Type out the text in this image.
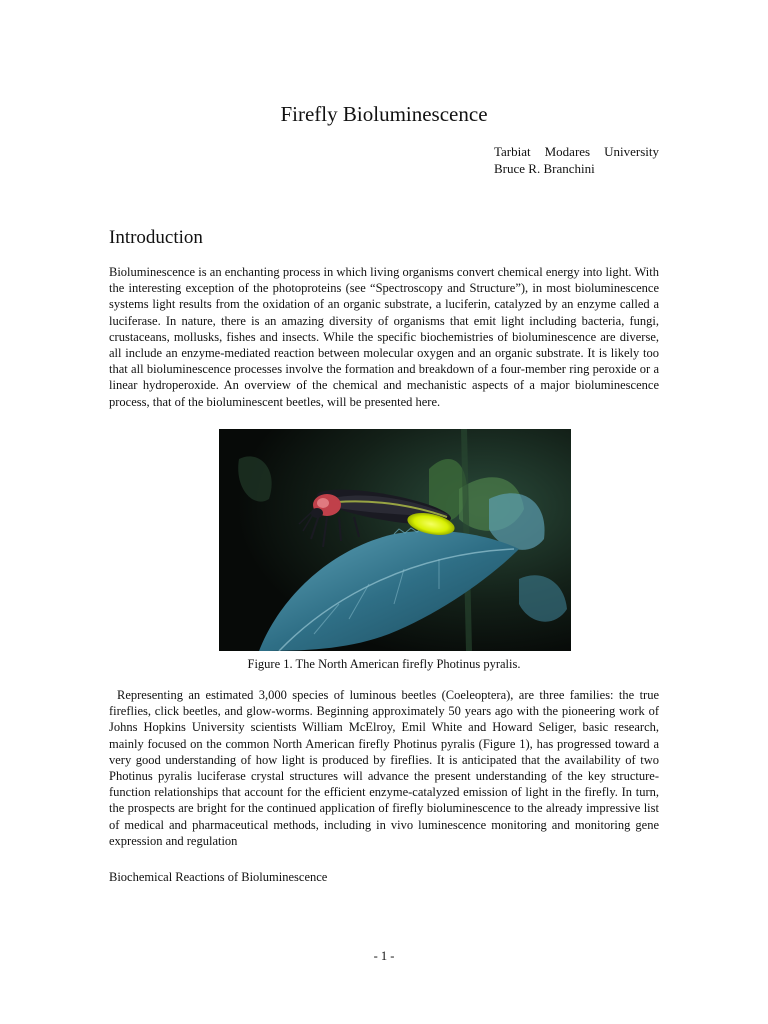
Firefly Bioluminescence
Tarbiat Modares University
Bruce R. Branchini
Introduction

Bioluminescence is an enchanting process in which living organisms convert chemical energy into light. With the interesting exception of the photoproteins (see “Spectroscopy and Structure”), in most bioluminescence systems light results from the oxidation of an organic substrate, a luciferin, catalyzed by an enzyme called a luciferase. In nature, there is an amazing diversity of organisms that emit light including bacteria, fungi, crustaceans, mollusks, fishes and insects. While the specific biochemistries of bioluminescence are diverse, all include an enzyme-mediated reaction between molecular oxygen and an organic substrate. It is likely too that all bioluminescence processes involve the formation and breakdown of a four-member ring peroxide or a linear hydroperoxide. An overview of the chemical and mechanistic aspects of a major bioluminescence process, that of the bioluminescent beetles, will be presented here.

Figure 1. The North American firefly Photinus pyralis.

Representing an estimated 3,000 species of luminous beetles (Coeleoptera), are three families: the true fireflies, click beetles, and glow-worms. Beginning approximately 50 years ago with the pioneering work of Johns Hopkins University scientists William McElroy, Emil White and Howard Seliger, basic research, mainly focused on the common North American firefly Photinus pyralis (Figure 1), has progressed toward a very good understanding of how light is produced by fireflies. It is anticipated that the availability of two Photinus pyralis luciferase crystal structures will advance the present understanding of the key structure-function relationships that account for the efficient enzyme-catalyzed emission of light in the firefly. In turn, the prospects are bright for the continued application of firefly bioluminescence to the already impressive list of medical and pharmaceutical methods, including in vivo luminescence monitoring and monitoring gene expression and regulation

Biochemical Reactions of Bioluminescence

- 1 -
